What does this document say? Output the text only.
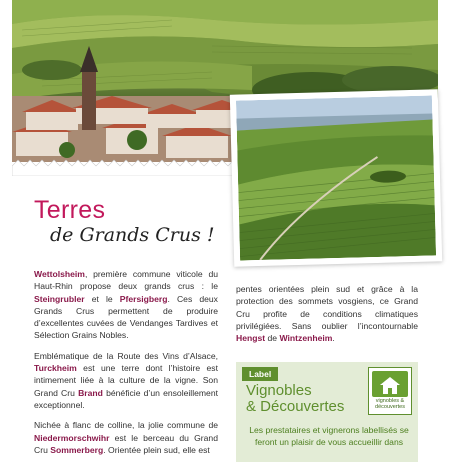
Terres
de Grands Crus !

Wettolsheim, première commune viticole du Haut-Rhin propose deux grands crus : le Steingrubler et le Pfersigberg. Ces deux Grands Crus permettent de produire d’excellentes cuvées de Vendanges Tardives et Sélection Grains Nobles.

Emblématique de la Route des Vins d’Alsace, Turckheim est une terre dont l’histoire est intimement liée à la culture de la vigne. Son Grand Cru Brand bénéficie d’un ensoleillement exceptionnel.

Nichée à flanc de colline, la jolie commune de Niedermorschwihr est le berceau du Grand Cru Sommerberg. Orientée plein sud, elle est

pentes orientées plein sud et grâce à la protection des sommets vosgiens, ce Grand Cru profite de conditions climatiques privilégiées. Sans oublier l’incontournable Hengst de Wintzenheim.

Label
Vignobles
& Découvertes	vignobles &
découvertes
Les prestataires et vignerons labellisés se feront un plaisir de vous accueillir dans
